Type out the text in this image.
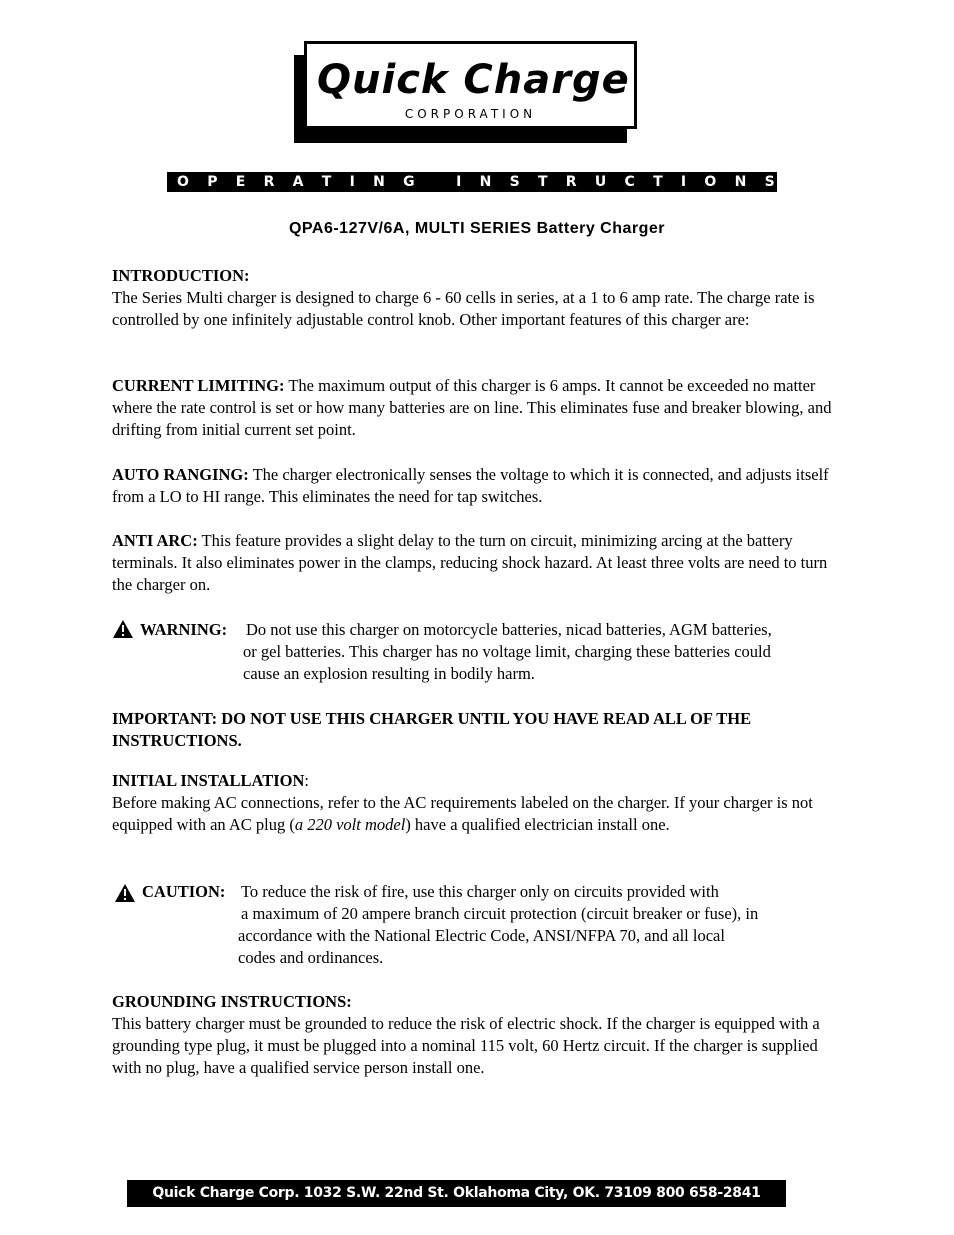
Quick Charge
CORPORATION
O P E R A T I N G
	I N S T R U C T I O N S
QPA6-127V/6A, MULTI SERIES Battery Charger

INTRODUCTION:

The Series Multi charger is designed to charge 6 - 60 cells in series, at a 1 to 6 amp rate. The charge rate is controlled by one infinitely adjustable control knob. Other important features of this charger are:

CURRENT LIMITING: The maximum output of this charger is 6 amps. It cannot be exceeded no matter where the rate control is set or how many batteries are on line. This eliminates fuse and breaker blowing, and drifting from initial current set point.

AUTO RANGING: The charger electronically senses the voltage to which it is connected, and adjusts itself from a LO to HI range. This eliminates the need for tap switches.

ANTI ARC: This feature provides a slight delay to the turn on circuit, minimizing arcing at the battery terminals. It also eliminates power in the clamps, reducing shock hazard. At least three volts are need to turn the charger on.

WARNING: Do not use this charger on motorcycle batteries, nicad batteries, AGM batteries,
or gel batteries. This charger has no voltage limit, charging these batteries could
cause an explosion resulting in bodily harm.

IMPORTANT: DO NOT USE THIS CHARGER UNTIL YOU HAVE READ ALL OF THE INSTRUCTIONS.

INITIAL INSTALLATION:

Before making AC connections, refer to the AC requirements labeled on the charger. If your charger is not equipped with an AC plug (a 220 volt model) have a qualified electrician install one.

CAUTION: To reduce the risk of fire, use this charger only on circuits provided with
a maximum of 20 ampere branch circuit protection (circuit breaker or fuse), in
accordance with the National Electric Code, ANSI/NFPA 70, and all local
codes and ordinances.

GROUNDING INSTRUCTIONS:

This battery charger must be grounded to reduce the risk of electric shock. If the charger is equipped with a grounding type plug, it must be plugged into a nominal 115 volt, 60 Hertz circuit. If the charger is supplied with no plug, have a qualified service person install one.

Quick Charge Corp. 1032 S.W. 22nd St. Oklahoma City, OK. 73109 800 658-2841
